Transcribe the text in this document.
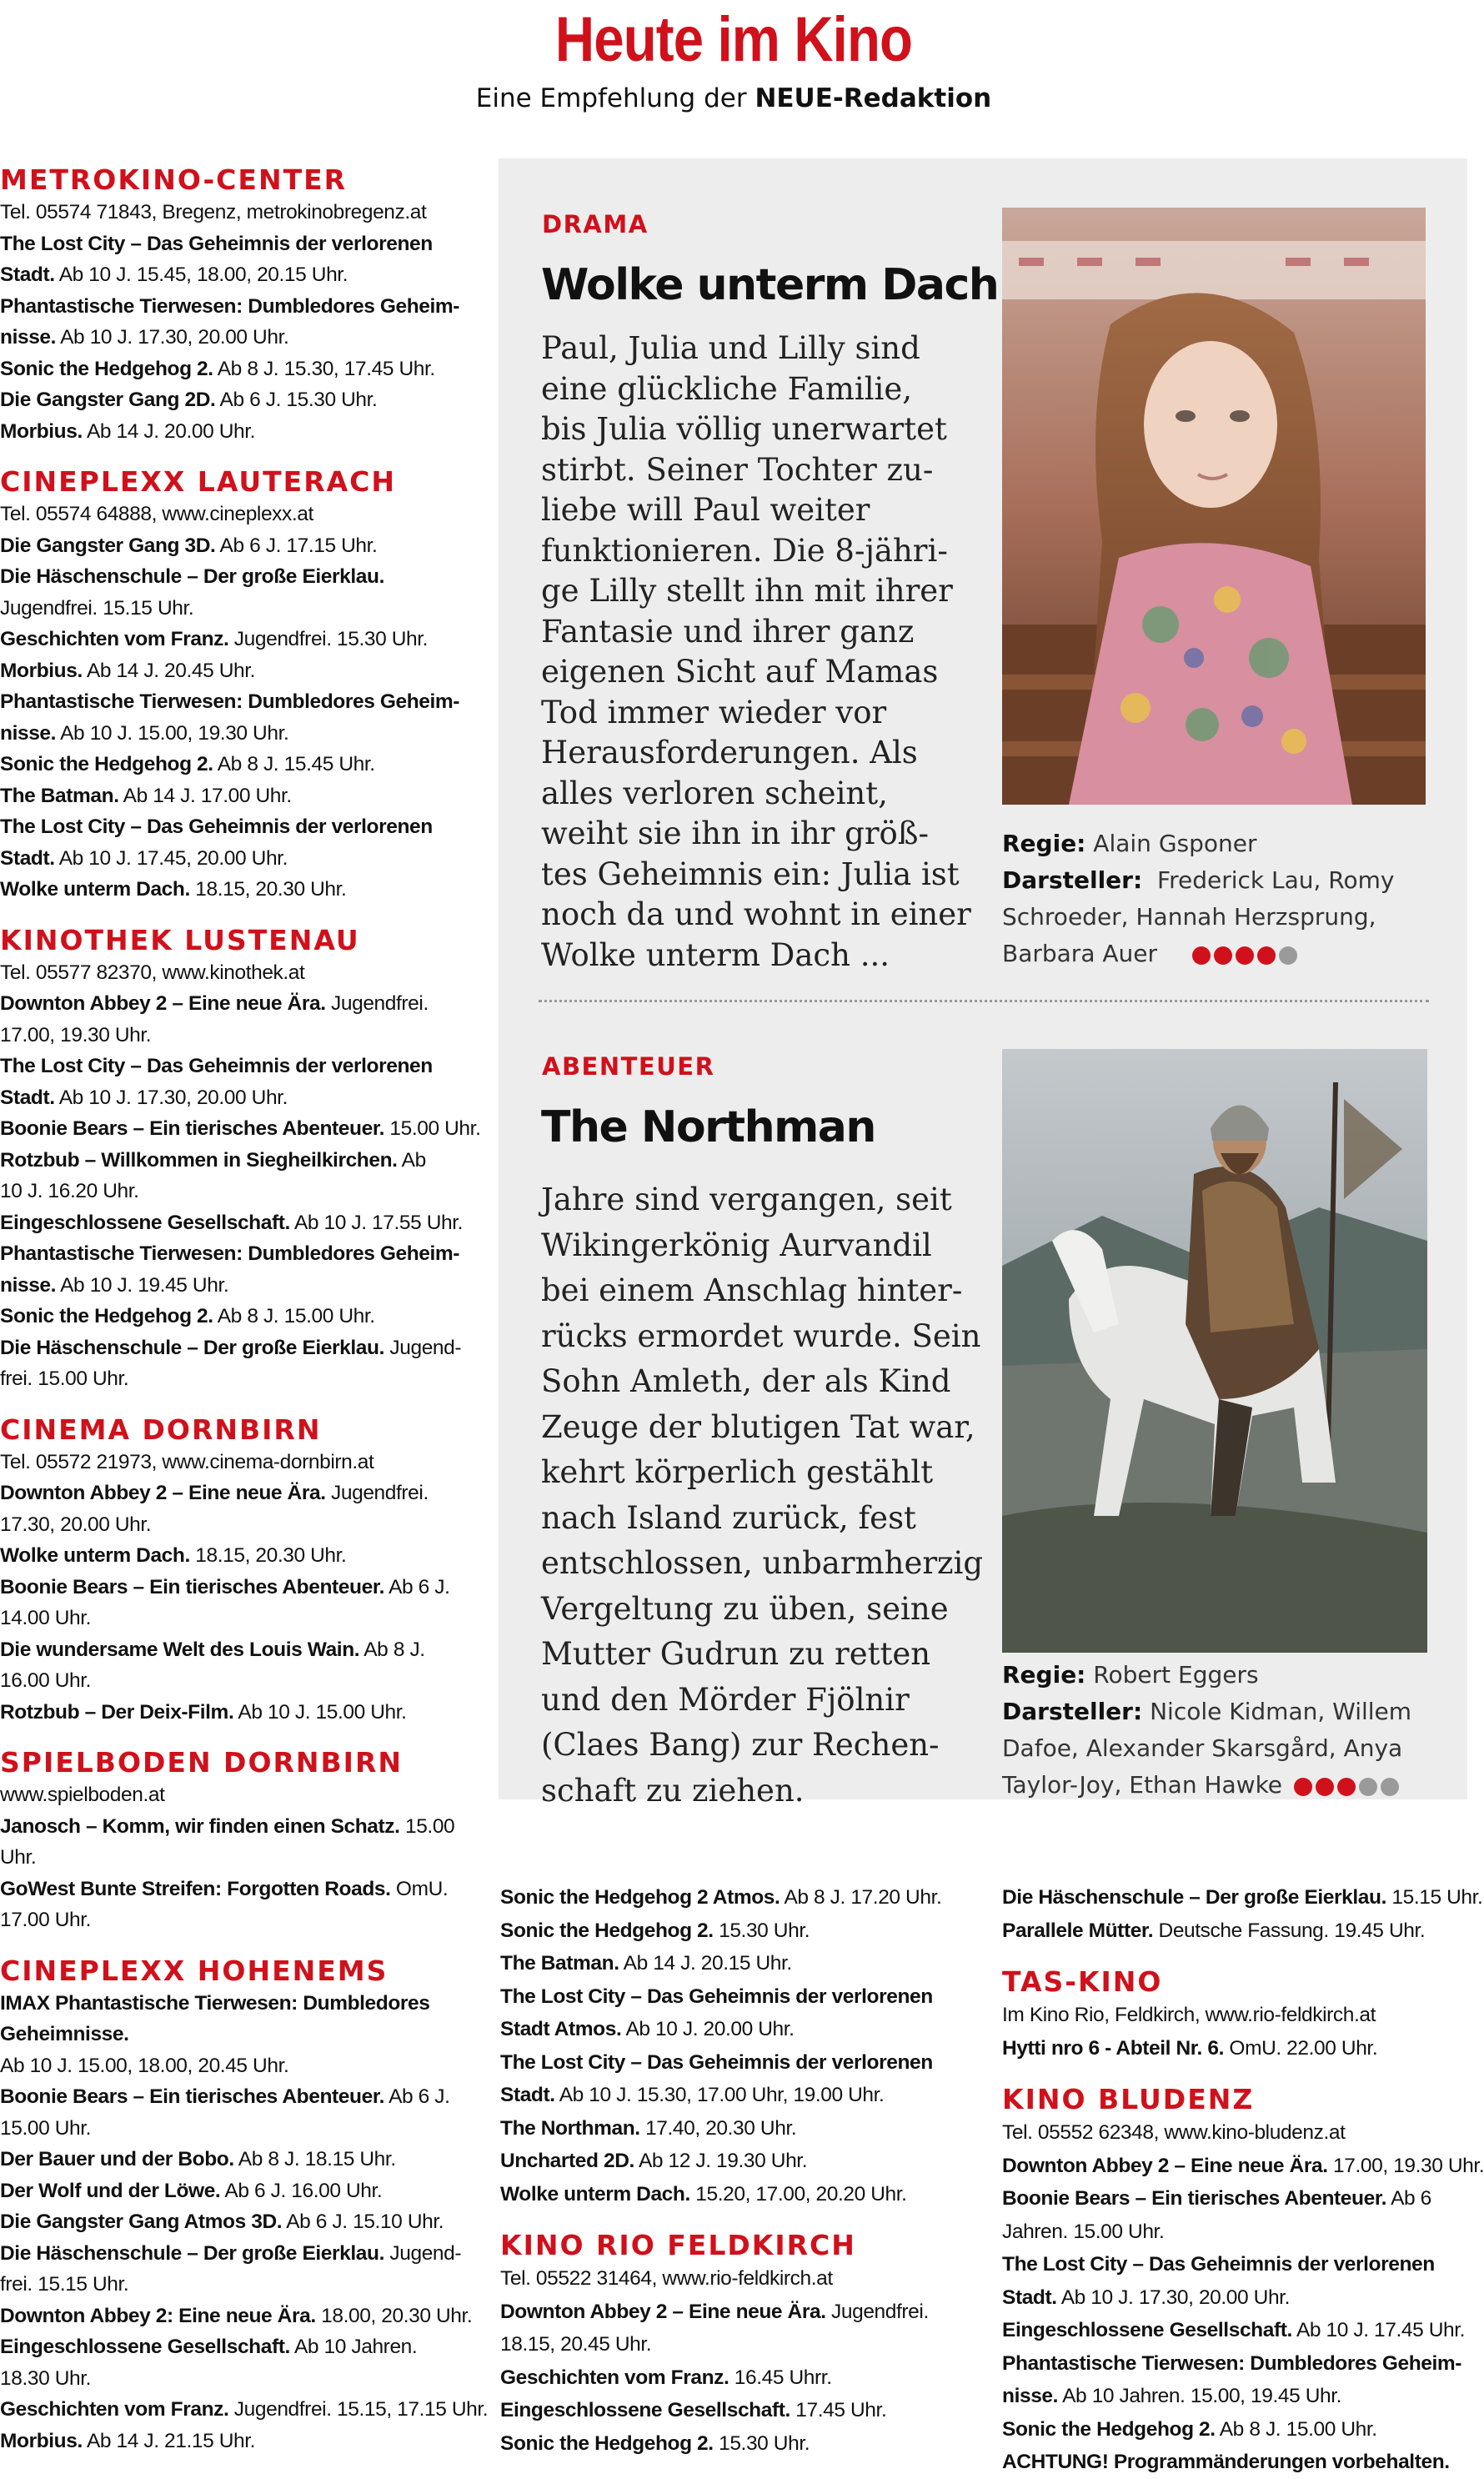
Heute im Kino
Eine Empfehlung der NEUE-Redaktion
METROKINO-CENTER
Tel. 05574 71843, Bregenz, metrokinobregenz.at
The Lost City – Das Geheimnis der verlorenen
Stadt. Ab 10 J. 15.45, 18.00, 20.15 Uhr.
Phantastische Tierwesen: Dumbledores Geheim-
nisse. Ab 10 J. 17.30, 20.00 Uhr.
Sonic the Hedgehog 2. Ab 8 J. 15.30, 17.45 Uhr.
Die Gangster Gang 2D. Ab 6 J. 15.30 Uhr.
Morbius. Ab 14 J. 20.00 Uhr.
CINEPLEXX LAUTERACH
Tel. 05574 64888, www.cineplexx.at
Die Gangster Gang 3D. Ab 6 J. 17.15 Uhr.
Die Häschenschule – Der große Eierklau.
Jugendfrei. 15.15 Uhr.
Geschichten vom Franz. Jugendfrei. 15.30 Uhr.
Morbius. Ab 14 J. 20.45 Uhr.
Phantastische Tierwesen: Dumbledores Geheim-
nisse. Ab 10 J. 15.00, 19.30 Uhr.
Sonic the Hedgehog 2. Ab 8 J. 15.45 Uhr.
The Batman. Ab 14 J. 17.00 Uhr.
The Lost City – Das Geheimnis der verlorenen
Stadt. Ab 10 J. 17.45, 20.00 Uhr.
Wolke unterm Dach. 18.15, 20.30 Uhr.
KINOTHEK LUSTENAU
Tel. 05577 82370, www.kinothek.at
Downton Abbey 2 – Eine neue Ära. Jugendfrei.
17.00, 19.30 Uhr.
The Lost City – Das Geheimnis der verlorenen
Stadt. Ab 10 J. 17.30, 20.00 Uhr.
Boonie Bears – Ein tierisches Abenteuer. 15.00 Uhr.
Rotzbub – Willkommen in Siegheilkirchen. Ab
10 J. 16.20 Uhr.
Eingeschlossene Gesellschaft. Ab 10 J. 17.55 Uhr.
Phantastische Tierwesen: Dumbledores Geheim-
nisse. Ab 10 J. 19.45 Uhr.
Sonic the Hedgehog 2. Ab 8 J. 15.00 Uhr.
Die Häschenschule – Der große Eierklau. Jugend-
frei. 15.00 Uhr.
CINEMA DORNBIRN
Tel. 05572 21973, www.cinema-dornbirn.at
Downton Abbey 2 – Eine neue Ära. Jugendfrei.
17.30, 20.00 Uhr.
Wolke unterm Dach. 18.15, 20.30 Uhr.
Boonie Bears – Ein tierisches Abenteuer. Ab 6 J.
14.00 Uhr.
Die wundersame Welt des Louis Wain. Ab 8 J.
16.00 Uhr.
Rotzbub – Der Deix-Film. Ab 10 J. 15.00 Uhr.
SPIELBODEN DORNBIRN
www.spielboden.at
Janosch – Komm, wir finden einen Schatz. 15.00
Uhr.
GoWest Bunte Streifen: Forgotten Roads. OmU.
17.00 Uhr.
CINEPLEXX HOHENEMS
IMAX Phantastische Tierwesen: Dumbledores
Geheimnisse.
Ab 10 J. 15.00, 18.00, 20.45 Uhr.
Boonie Bears – Ein tierisches Abenteuer. Ab 6 J.
15.00 Uhr.
Der Bauer und der Bobo. Ab 8 J. 18.15 Uhr.
Der Wolf und der Löwe. Ab 6 J. 16.00 Uhr.
Die Gangster Gang Atmos 3D. Ab 6 J. 15.10 Uhr.
Die Häschenschule – Der große Eierklau. Jugend-
frei. 15.15 Uhr.
Downton Abbey 2: Eine neue Ära. 18.00, 20.30 Uhr.
Eingeschlossene Gesellschaft. Ab 10 Jahren.
18.30 Uhr.
Geschichten vom Franz. Jugendfrei. 15.15, 17.15 Uhr.
Morbius. Ab 14 J. 21.15 Uhr.
DRAMA
Wolke unterm Dach
Paul, Julia und Lilly sind
eine glückliche Familie,
bis Julia völlig unerwartet
stirbt. Seiner Tochter zu-
liebe will Paul weiter
funktionieren. Die 8-jähri-
ge Lilly stellt ihn mit ihrer
Fantasie und ihrer ganz
eigenen Sicht auf Mamas
Tod immer wieder vor
Herausforderungen. Als
alles verloren scheint,
weiht sie ihn in ihr größ-
tes Geheimnis ein: Julia ist
noch da und wohnt in einer
Wolke unterm Dach ...
Regie: Alain Gsponer
Darsteller: Frederick Lau, Romy
Schroeder, Hannah Herzsprung,
Barbara Auer
ABENTEUER
The Northman
Jahre sind vergangen, seit
Wikingerkönig Aurvandil
bei einem Anschlag hinter-
rücks ermordet wurde. Sein
Sohn Amleth, der als Kind
Zeuge der blutigen Tat war,
kehrt körperlich gestählt
nach Island zurück, fest
entschlossen, unbarmherzig
Vergeltung zu üben, seine
Mutter Gudrun zu retten
und den Mörder Fjölnir
(Claes Bang) zur Rechen-
schaft zu ziehen.
Regie: Robert Eggers
Darsteller: Nicole Kidman, Willem
Dafoe, Alexander Skarsgård, Anya
Taylor-Joy, Ethan Hawke
Sonic the Hedgehog 2 Atmos. Ab 8 J. 17.20 Uhr.
Sonic the Hedgehog 2. 15.30 Uhr.
The Batman. Ab 14 J. 20.15 Uhr.
The Lost City – Das Geheimnis der verlorenen
Stadt Atmos. Ab 10 J. 20.00 Uhr.
The Lost City – Das Geheimnis der verlorenen
Stadt. Ab 10 J. 15.30, 17.00 Uhr, 19.00 Uhr.
The Northman. 17.40, 20.30 Uhr.
Uncharted 2D. Ab 12 J. 19.30 Uhr.
Wolke unterm Dach. 15.20, 17.00, 20.20 Uhr.
KINO RIO FELDKIRCH
Tel. 05522 31464, www.rio-feldkirch.at
Downton Abbey 2 – Eine neue Ära. Jugendfrei.
18.15, 20.45 Uhr.
Geschichten vom Franz. 16.45 Uhrr.
Eingeschlossene Gesellschaft. 17.45 Uhr.
Sonic the Hedgehog 2. 15.30 Uhr.
Die Häschenschule – Der große Eierklau. 15.15 Uhr.
Parallele Mütter. Deutsche Fassung. 19.45 Uhr.
TAS-KINO
Im Kino Rio, Feldkirch, www.rio-feldkirch.at
Hytti nro 6 - Abteil Nr. 6. OmU. 22.00 Uhr.
KINO BLUDENZ
Tel. 05552 62348, www.kino-bludenz.at
Downton Abbey 2 – Eine neue Ära. 17.00, 19.30 Uhr.
Boonie Bears – Ein tierisches Abenteuer. Ab 6
Jahren. 15.00 Uhr.
The Lost City – Das Geheimnis der verlorenen
Stadt. Ab 10 J. 17.30, 20.00 Uhr.
Eingeschlossene Gesellschaft. Ab 10 J. 17.45 Uhr.
Phantastische Tierwesen: Dumbledores Geheim-
nisse. Ab 10 Jahren. 15.00, 19.45 Uhr.
Sonic the Hedgehog 2. Ab 8 J. 15.00 Uhr.
ACHTUNG! Programmänderungen vorbehalten.
